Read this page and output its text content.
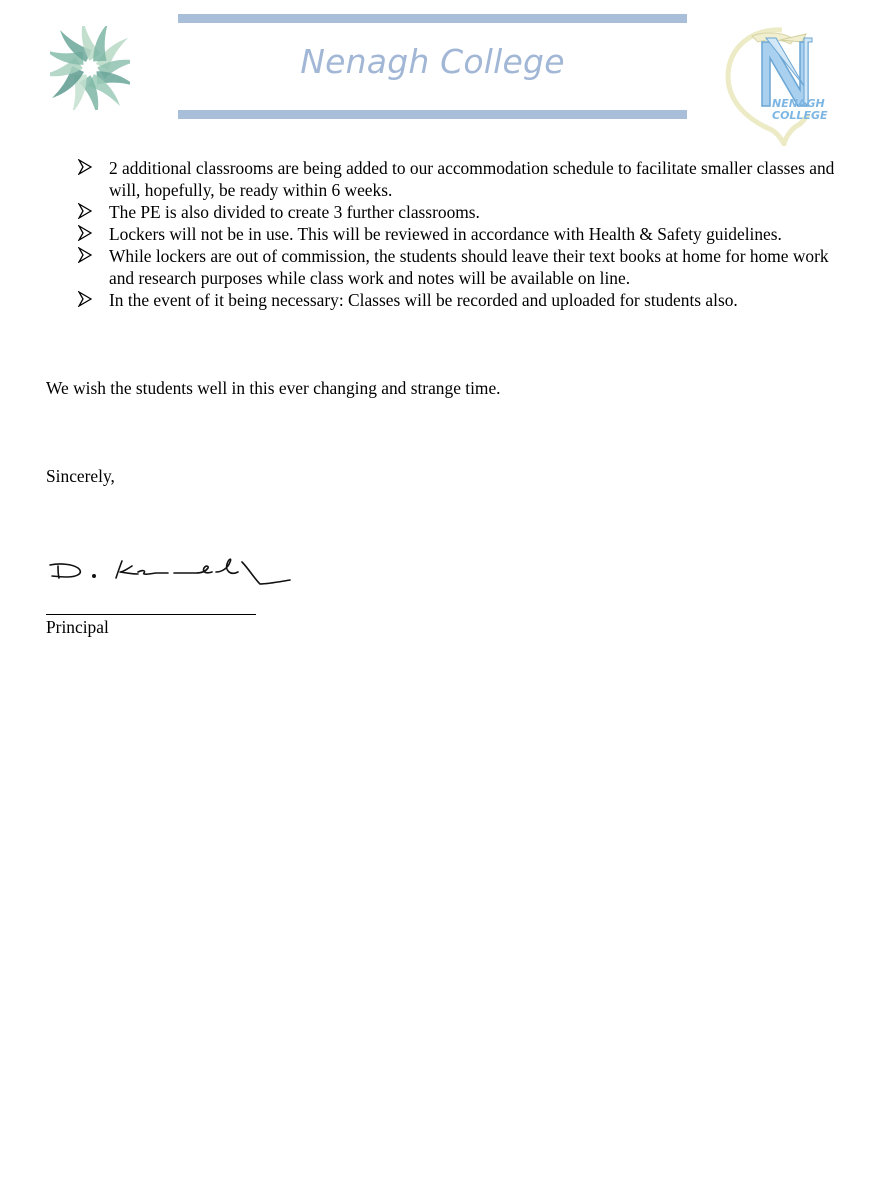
Nenagh College
NENAGH
COLLEGE
2 additional classrooms are being added to our accommodation schedule to facilitate smaller classes and will, hopefully, be ready within 6 weeks.
The PE is also divided to create 3 further classrooms.
Lockers will not be in use. This will be reviewed in accordance with Health & Safety guidelines.
While lockers are out of commission, the students should leave their text books at home for home work and research purposes while class work and notes will be available on line.
In the event of it being necessary: Classes will be recorded and uploaded for students also.
We wish the students well in this ever changing and strange time.
Sincerely,
Principal
